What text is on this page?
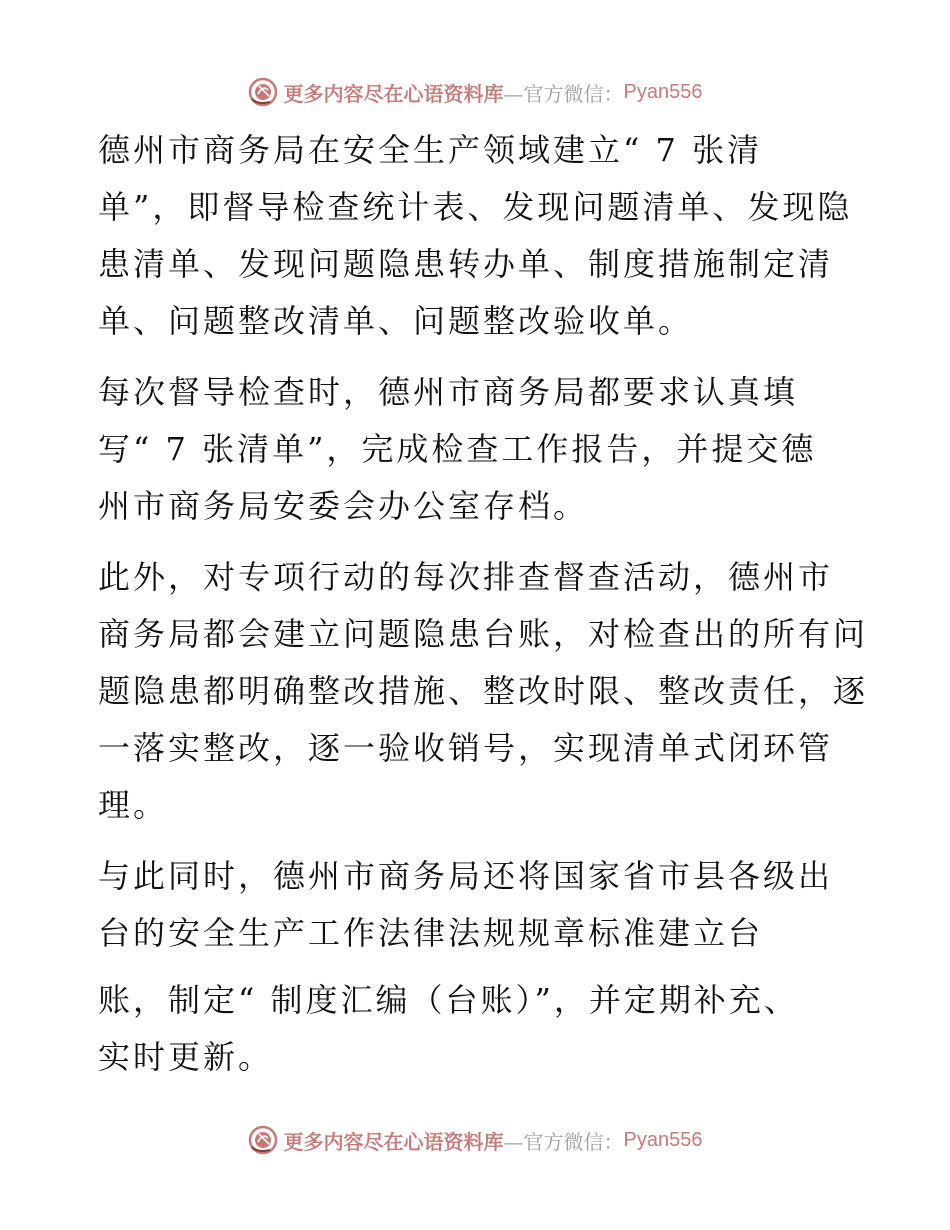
更多内容尽在心语资料库 —官方微信： Pyan556

德州市商务局在安全生产领域建立“ 7 张清
单”，即督导检查统计表、发现问题清单、发现隐
患清单、发现问题隐患转办单、制度措施制定清
单、问题整改清单、问题整改验收单。

每次督导检查时，德州市商务局都要求认真填
写“ 7 张清单”，完成检查工作报告，并提交德
州市商务局安委会办公室存档。

此外，对专项行动的每次排查督查活动，德州市
商务局都会建立问题隐患台账，对检查出的所有问
题隐患都明确整改措施、整改时限、整改责任，逐
一落实整改，逐一验收销号，实现清单式闭环管
理。

与此同时，德州市商务局还将国家省市县各级出
台的安全生产工作法律法规规章标准建立台

账，制定“ 制度汇编（台账）”，并定期补充、
实时更新。

更多内容尽在心语资料库 —官方微信： Pyan556
